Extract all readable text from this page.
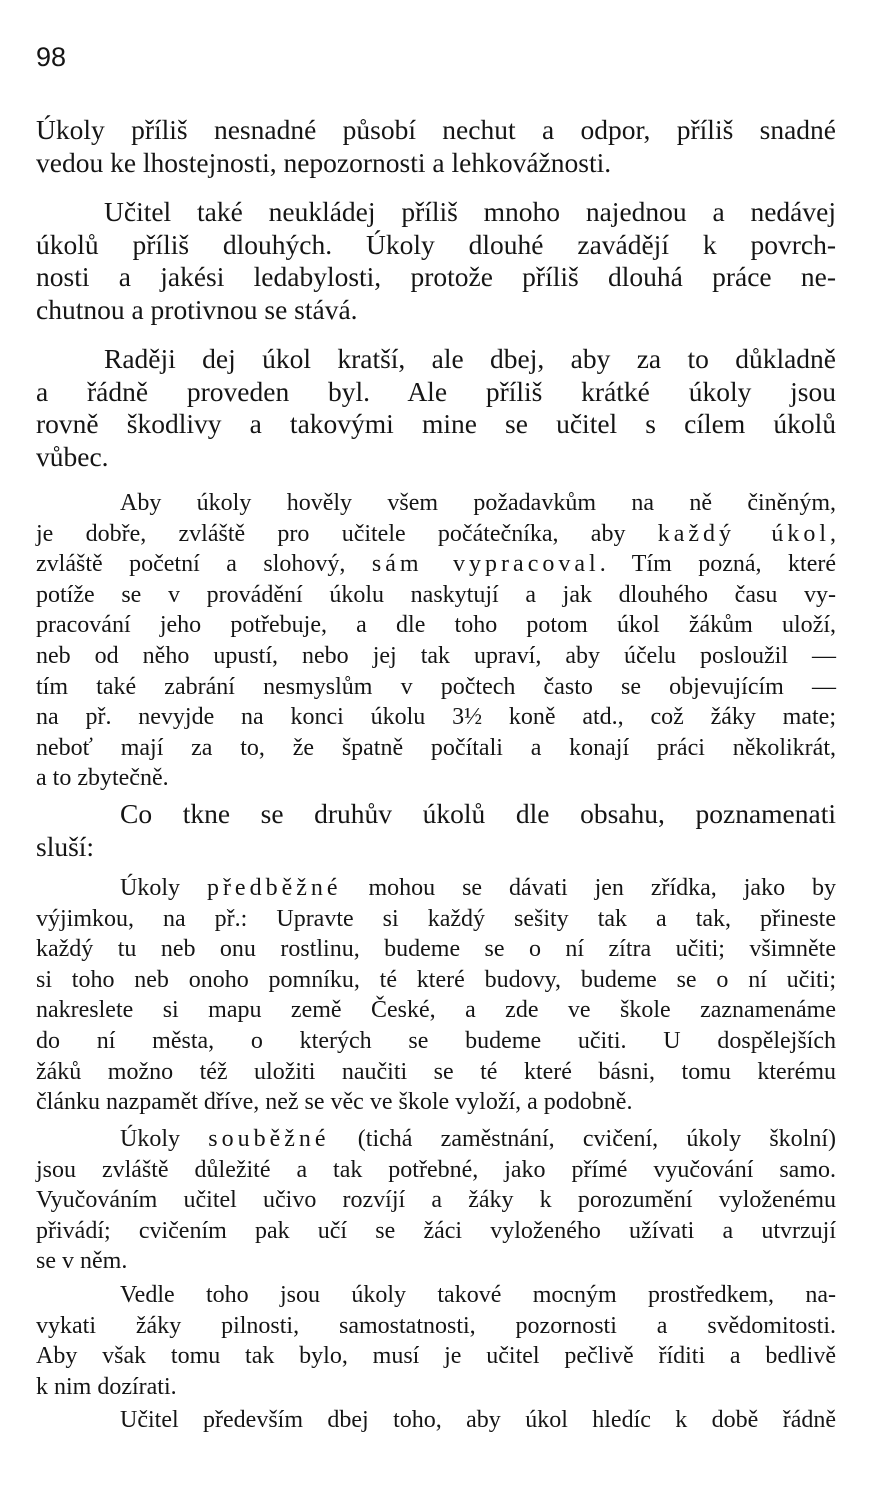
98
Úkoly příliš nesnadné působí nechut a odpor, příliš snadné
vedou ke lhostejnosti, nepozornosti a lehkovážnosti.
Učitel také neukládej příliš mnoho najednou a nedávej
úkolů příliš dlouhých. Úkoly dlouhé zavádějí k povrch-
nosti a jakési ledabylosti, protože příliš dlouhá práce ne-
chutnou a protivnou se stává.
Raději dej úkol kratší, ale dbej, aby za to důkladně
a řádně proveden byl. Ale příliš krátké úkoly jsou
rovně škodlivy a takovými mine se učitel s cílem úkolů
vůbec.
Aby úkoly hověly všem požadavkům na ně činěným,
je dobře, zvláště pro učitele počátečníka, aby každý úkol,
zvláště početní a slohový, sám vypracoval. Tím pozná, které
potíže se v provádění úkolu naskytují a jak dlouhého času vy-
pracování jeho potřebuje, a dle toho potom úkol žákům uloží,
neb od něho upustí, nebo jej tak upraví, aby účelu posloužil —
tím také zabrání nesmyslům v počtech často se objevujícím —
na př. nevyjde na konci úkolu 3½ koně atd., což žáky mate;
neboť mají za to, že špatně počítali a konají práci několikrát,
a to zbytečně.
Co tkne se druhův úkolů dle obsahu, poznamenati
sluší:
Úkoly předběžné mohou se dávati jen zřídka, jako by
výjimkou, na př.: Upravte si každý sešity tak a tak, přineste
každý tu neb onu rostlinu, budeme se o ní zítra učiti; všimněte
si toho neb onoho pomníku, té které budovy, budeme se o ní učiti;
nakreslete si mapu země České, a zde ve škole zaznamenáme
do ní města, o kterých se budeme učiti. U dospělejších
žáků možno též uložiti naučiti se té které básni, tomu kterému
článku nazpamět dříve, než se věc ve škole vyloží, a podobně.
Úkoly souběžné (tichá zaměstnání, cvičení, úkoly školní)
jsou zvláště důležité a tak potřebné, jako přímé vyučování samo.
Vyučováním učitel učivo rozvíjí a žáky k porozumění vyloženému
přivádí; cvičením pak učí se žáci vyloženého užívati a utvrzují
se v něm.
Vedle toho jsou úkoly takové mocným prostředkem, na-
vykati žáky pilnosti, samostatnosti, pozornosti a svědomitosti.
Aby však tomu tak bylo, musí je učitel pečlivě říditi a bedlivě
k nim dozírati.
Učitel především dbej toho, aby úkol hledíc k době řádně
